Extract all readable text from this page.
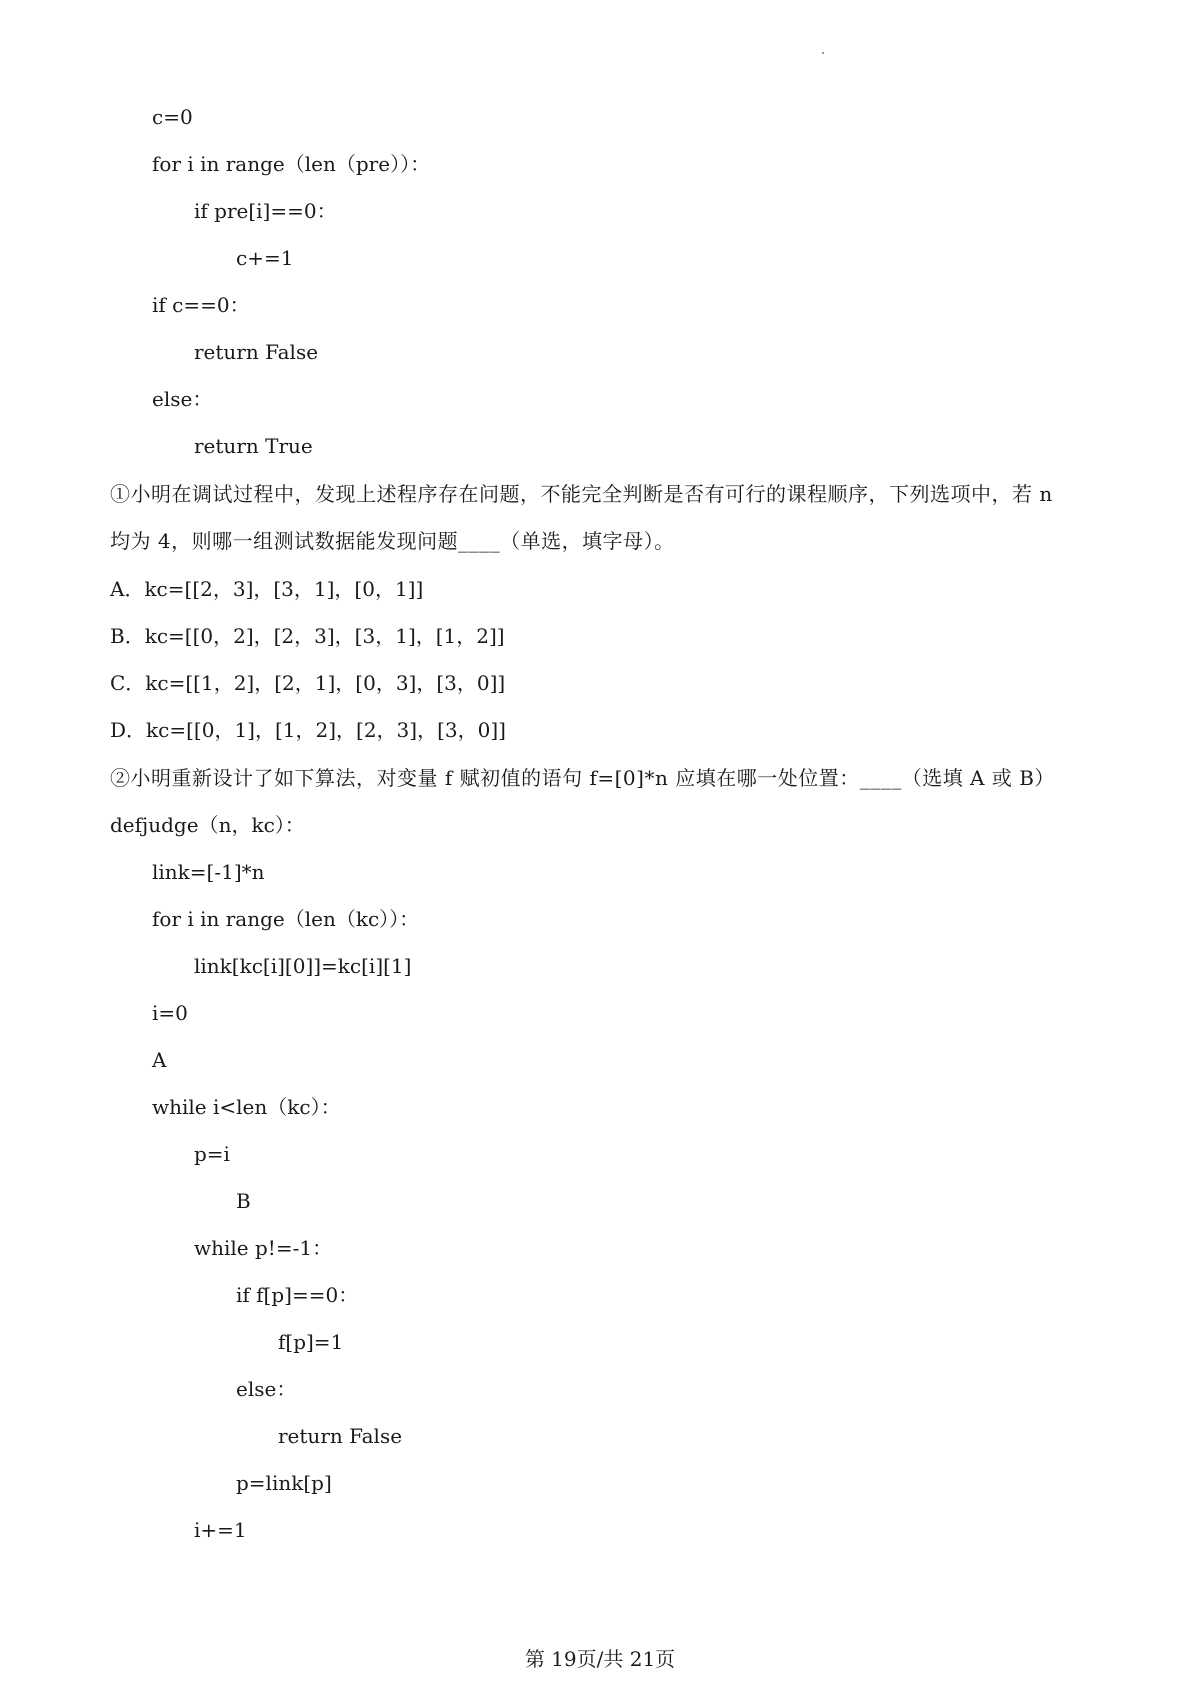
c=0
for i in range（len（pre））：
if pre[i]==0：
c+=1
if c==0：
return False
else：
return True
①小明在调试过程中，发现上述程序存在问题，不能完全判断是否有可行的课程顺序，下列选项中，若 n
均为 4，则哪一组测试数据能发现问题____（单选，填字母）。
A．kc=[[2，3]，[3，1]，[0，1]]
B．kc=[[0，2]，[2，3]，[3，1]，[1，2]]
C．kc=[[1，2]，[2，1]，[0，3]，[3，0]]
D．kc=[[0，1]，[1，2]，[2，3]，[3，0]]
②小明重新设计了如下算法，对变量 f 赋初值的语句 f=[0]*n 应填在哪一处位置：____（选填 A 或 B）
defjudge（n，kc）：
link=[-1]*n
for i in range（len（kc））：
link[kc[i][0]]=kc[i][1]
i=0
A
while i<len（kc）：
p=i
B
while p!=-1：
if f[p]==0：
f[p]=1
else：
return False
p=link[p]
i+=1
第 19页/共 21页
